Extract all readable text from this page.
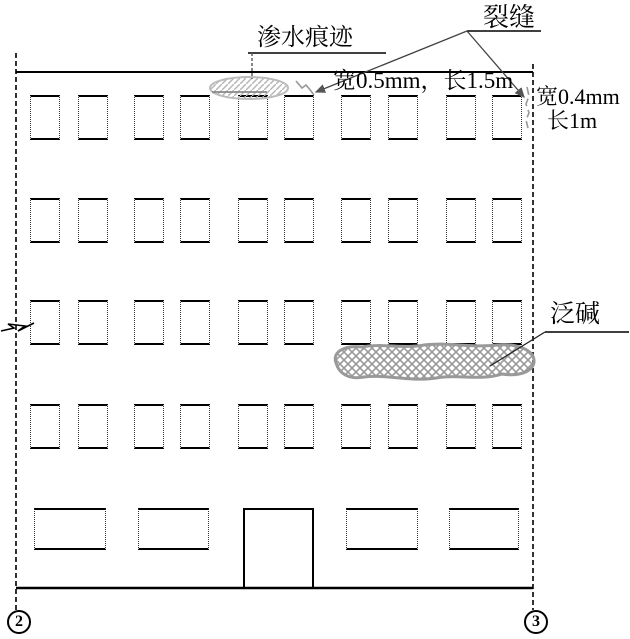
渗水痕迹
裂缝
宽0.5mm，长1.5m
宽0.4mm
长1m
泛碱
2	3
